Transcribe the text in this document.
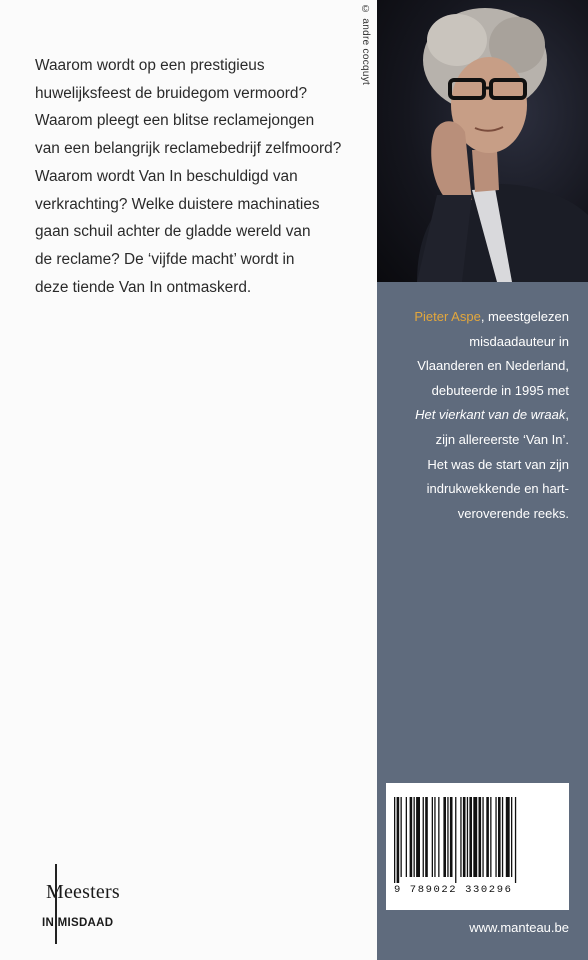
Waarom wordt op een prestigieus
huwelijksfeest de bruidegom vermoord?
Waarom pleegt een blitse reclamejongen
van een belangrijk reclamebedrijf zelfmoord?
Waarom wordt Van In beschuldigd van
verkrachting? Welke duistere machinaties
gaan schuil achter de gladde wereld van
de reclame? De ‘vijfde macht’ wordt in
deze tiende Van In ontmaskerd.
© andre cocquyt
Pieter Aspe, meestgelezen
misdaadauteur in
Vlaanderen en Nederland,
debuteerde in 1995 met
Het vierkant van de wraak,
zijn allereerste ‘Van In’.
Het was de start van zijn
indrukwekkende en hart-
veroverende reeks.
www.manteau.be
9 789022 330296
Meesters
IN MISDAAD
